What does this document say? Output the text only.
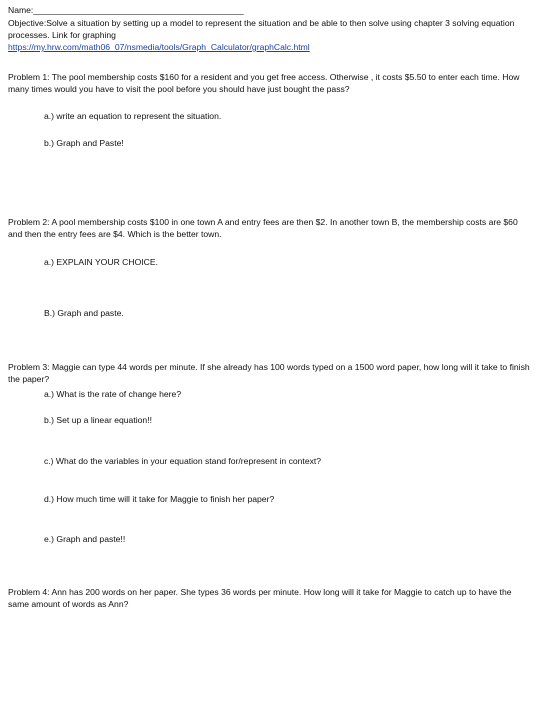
Name:____________________________________________

Objective:Solve a situation by setting up a model to represent the situation and be able to then solve using chapter 3 solving equation processes. Link for graphing
https://my.hrw.com/math06_07/nsmedia/tools/Graph_Calculator/graphCalc.html

Problem 1: The pool membership costs $160 for a resident and you get free access. Otherwise , it costs $5.50 to enter each time. How many times would you have to visit the pool before you should have just bought the pass?

a.) write an equation to represent the situation.
b.) Graph and Paste!

Problem 2: A pool membership costs $100 in one town A and entry fees are then $2. In another town B, the membership costs are $60 and then the entry fees are $4. Which is the better town.

a.) EXPLAIN YOUR CHOICE.
B.) Graph and paste.

Problem 3: Maggie can type 44 words per minute. If she already has 100 words typed on a 1500 word paper, how long will it take to finish the paper?

a.) What is the rate of change here?
b.) Set up a linear equation!!
c.) What do the variables in your equation stand for/represent in context?
d.) How much time will it take for Maggie to finish her paper?
e.) Graph and paste!!

Problem 4: Ann has 200 words on her paper. She types 36 words per minute. How long will it take for Maggie to catch up to have the same amount of words as Ann?
